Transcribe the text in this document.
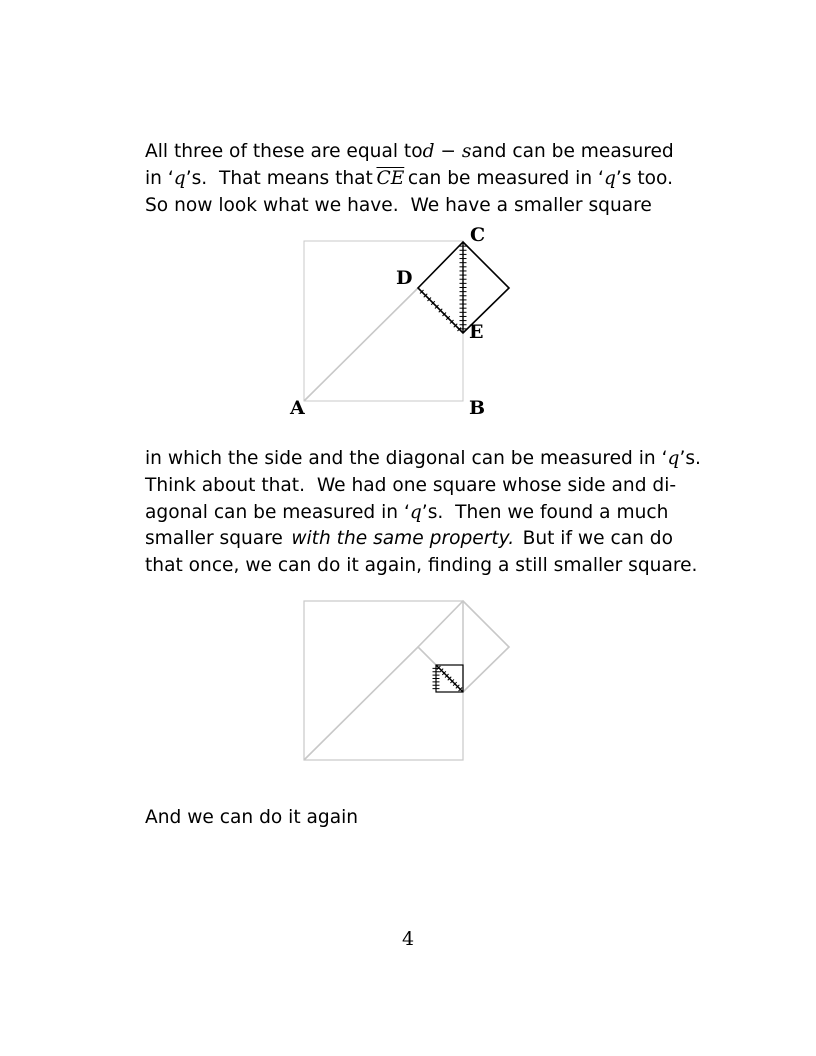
All three of these are equal to d − s and can be measured
in ‘q’s.  That means that $\overline{CE}$ can be measured in ‘q’s too.
So now look what we have.  We have a smaller square
C
D
E
A	B
in which the side and the diagonal can be measured in ‘q’s.
Think about that.  We had one square whose side and di-
agonal can be measured in ‘q’s.  Then we found a much
smaller square with the same property. But if we can do
that once, we can do it again, finding a still smaller square.
And we can do it again
4
